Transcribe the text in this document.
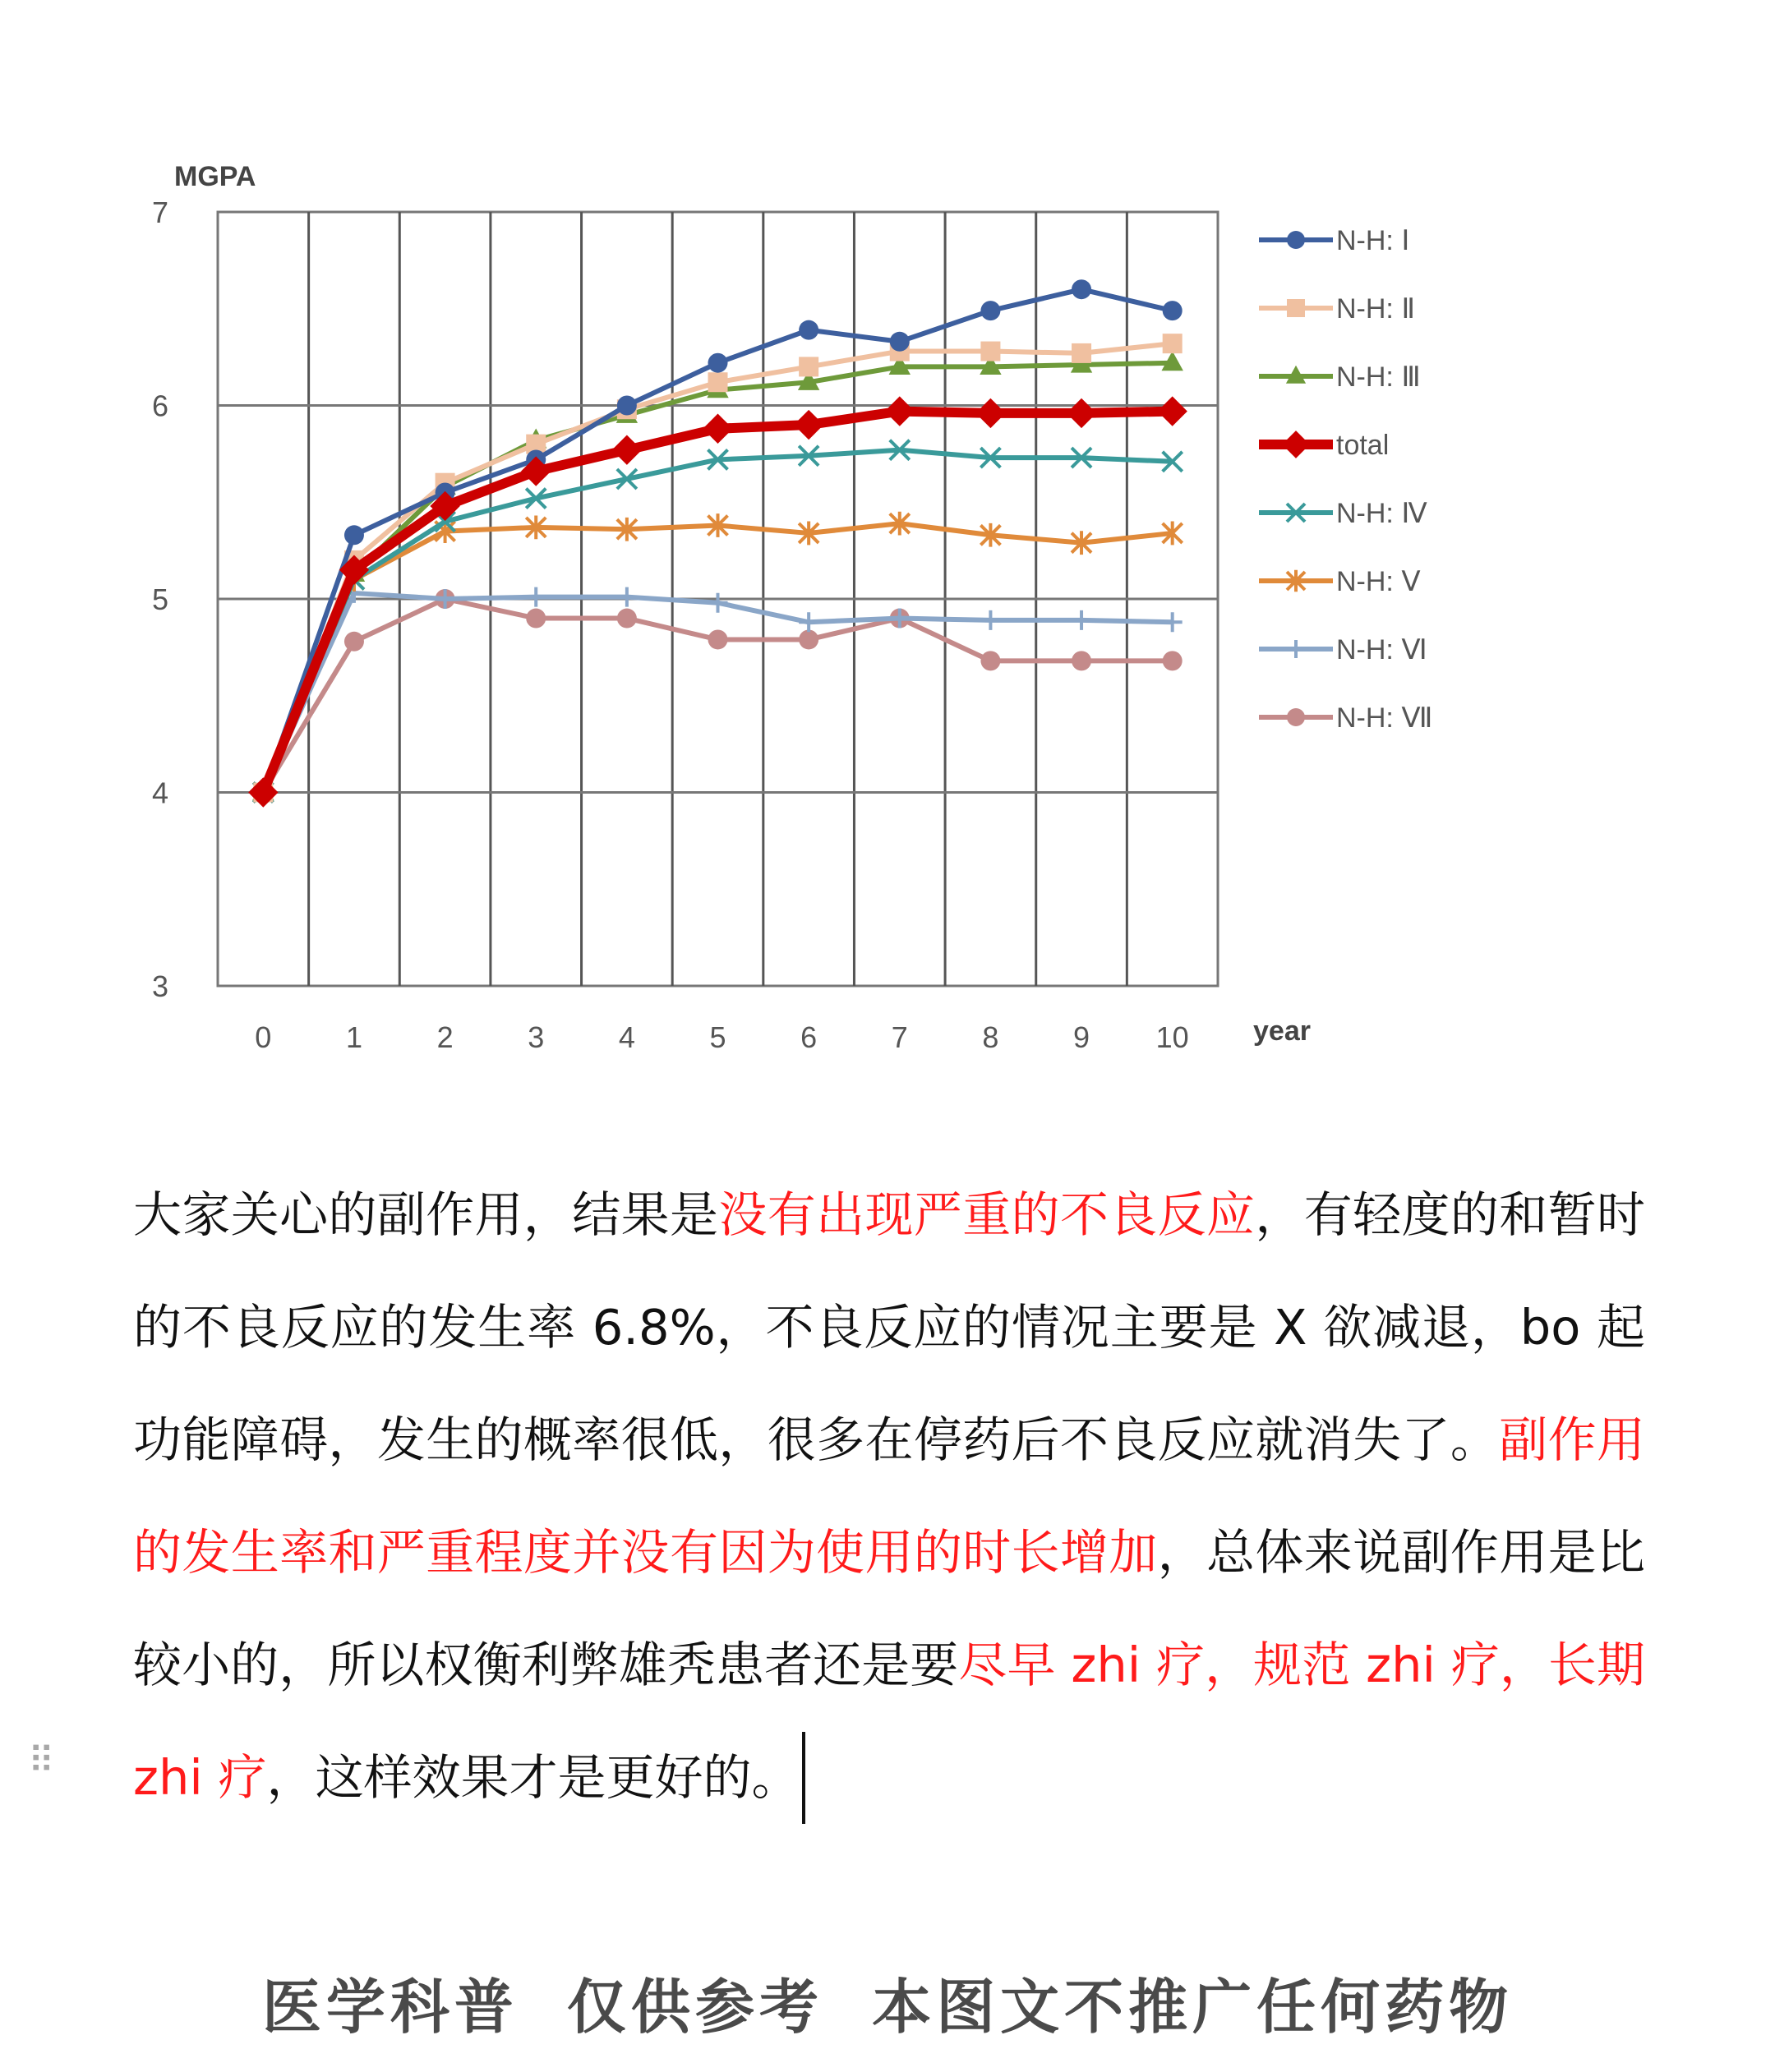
3
4
5
6
7
0	1	2	3	4	5	6	7	8	9 10
MGPA
year
N-H: Ⅰ
N-H: Ⅱ
N-H: Ⅲ
total
N-H: Ⅳ
N-H: Ⅴ
N-H: Ⅵ
N-H: Ⅶ
⠿

大家关心的副作用，结果是没有出现严重的不良反应，有轻度的和暂时的不良反应的发生率 6.8%，不良反应的情况主要是 X 欲减退，bo 起功能障碍，发生的概率很低，很多在停药后不良反应就消失了。副作用的发生率和严重程度并没有因为使用的时长增加，总体来说副作用是比较小的，所以权衡利弊雄秃患者还是要尽早 zhi 疗，规范 zhi 疗，长期 zhi 疗，这样效果才是更好的。

医学科普 仅供参考 本图文不推广任何药物
